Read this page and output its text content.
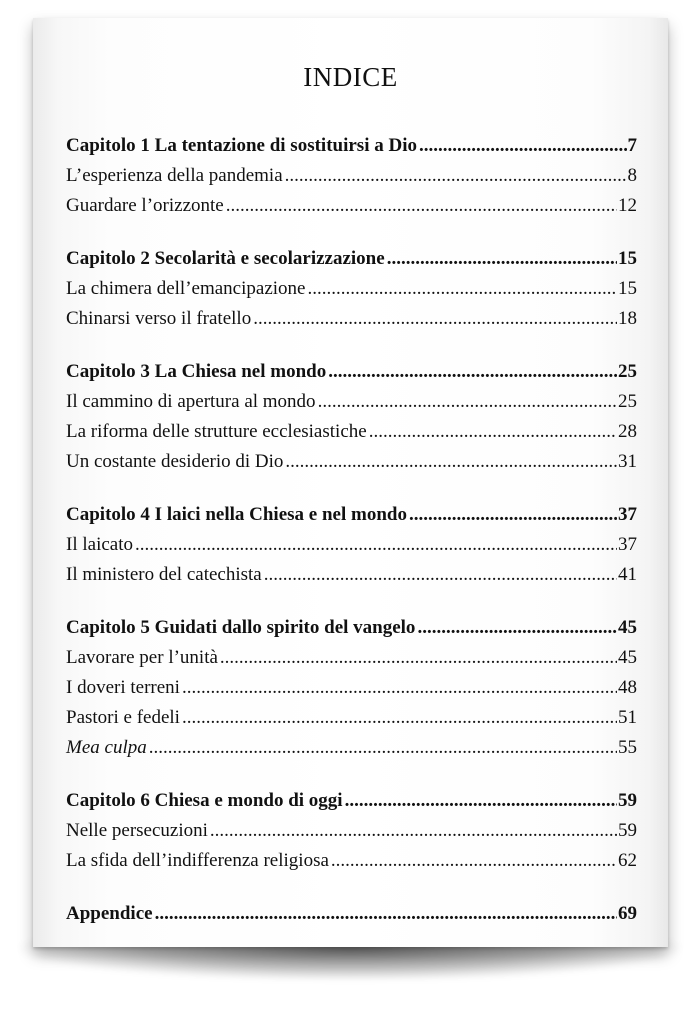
INDICE
Capitolo 1 La tentazione di sostituirsi a Dio .....	7
L’esperienza della pandemia .....	8
Guardare l’orizzonte .....	12
Capitolo 2 Secolarità e secolarizzazione .....	15
La chimera dell’emancipazione .....	15
Chinarsi verso il fratello .....	18
Capitolo 3 La Chiesa nel mondo .....	25
Il cammino di apertura al mondo .....	25
La riforma delle strutture ecclesiastiche .....	28
Un costante desiderio di Dio .....	31
Capitolo 4 I laici nella Chiesa e nel mondo .....	37
Il laicato .....	37
Il ministero del catechista .....	41
Capitolo 5 Guidati dallo spirito del vangelo .....	45
Lavorare per l’unità .....	45
I doveri terreni .....	48
Pastori e fedeli .....	51
Mea culpa .....	55
Capitolo 6 Chiesa e mondo di oggi .....	59
Nelle persecuzioni .....	59
La sfida dell’indifferenza religiosa .....	62
Appendice .....	69
